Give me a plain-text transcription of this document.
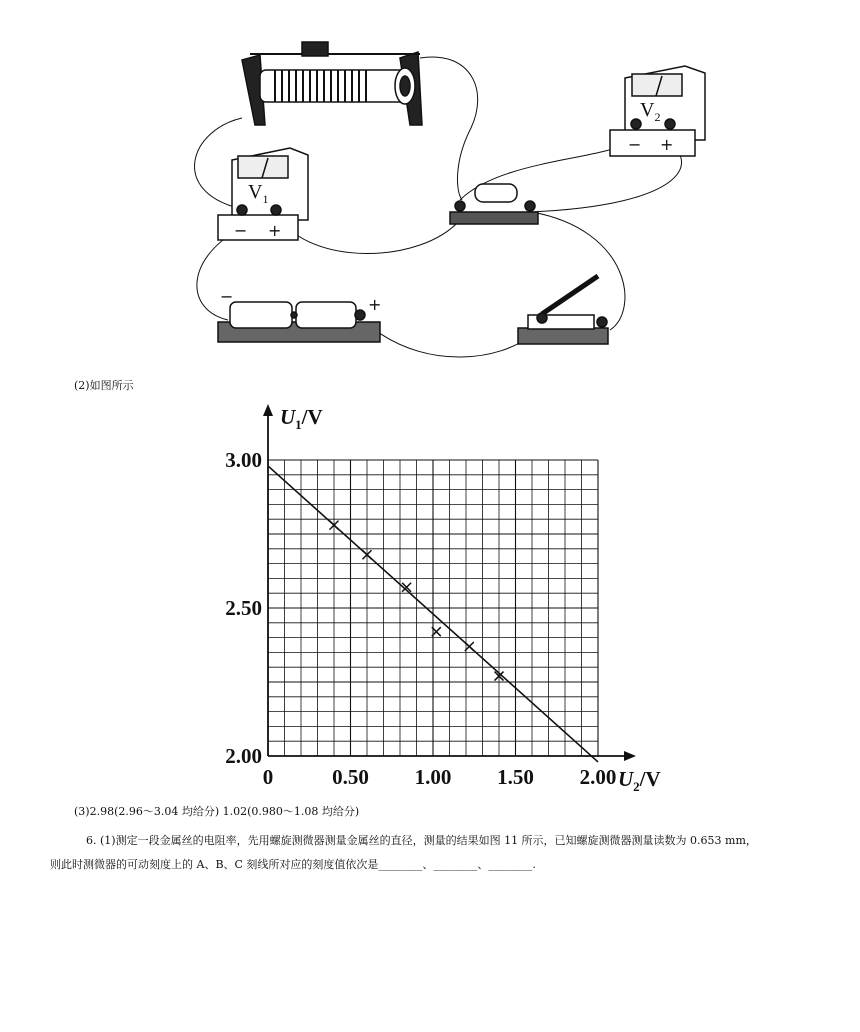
$V_1$
− +
$V_2$
− +
−	+
(2)如图所示
0	0.50 1.00 1.50 2.00
2.00
2.50
3.00
$U_1/V$
$U_2/V$
(3)2.98(2.96～3.04 均给分) 1.02(0.980～1.08 均给分)
6. (1)测定一段金属丝的电阻率，先用螺旋测微器测量金属丝的直径，测量的结果如图 11 所示，已知螺旋测微器测量读数为 0.653 mm，
则此时测微器的可动刻度上的 A、B、C 刻线所对应的刻度值依次是________、________、________.
